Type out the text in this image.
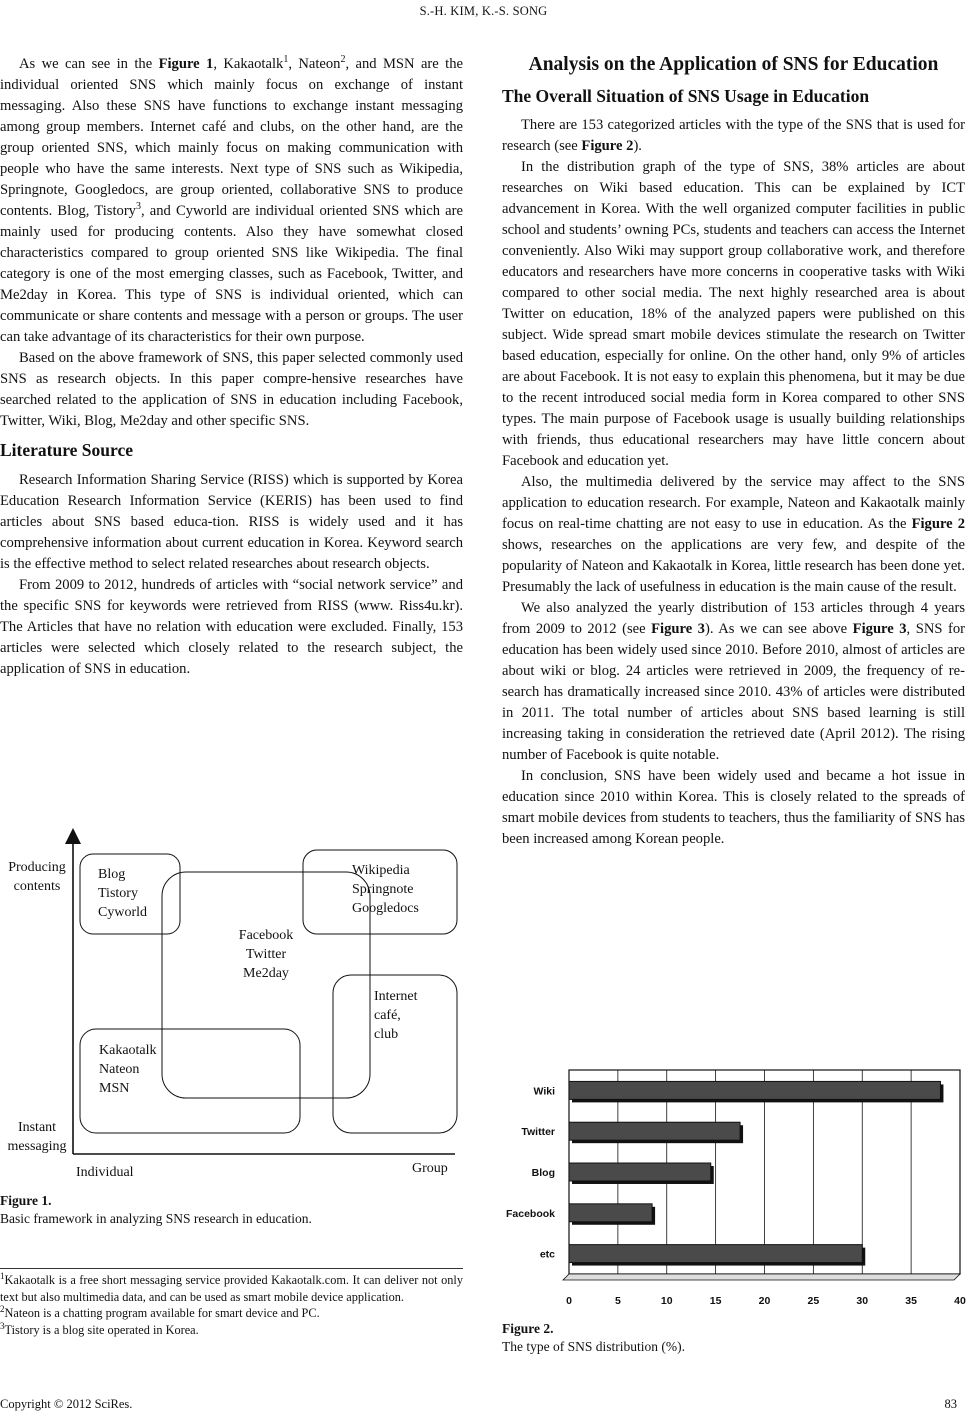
S.-H. KIM, K.-S. SONG

As we can see in the Figure 1, Kakaotalk$^1$, Nateon$^2$, and MSN are the individual oriented SNS which mainly focus on exchange of instant messaging. Also these SNS have functions to exchange instant messaging among group members. Internet café and clubs, on the other hand, are the group oriented SNS, which mainly focus on making communication with people who have the same interests. Next type of SNS such as Wikipedia, Springnote, Googledocs, are group oriented, collaborative SNS to produce contents. Blog, Tistory$^3$, and Cyworld are individual oriented SNS which are mainly used for producing contents. Also they have somewhat closed characteristics compared to group oriented SNS like Wikipedia. The final category is one of the most emerging classes, such as Facebook, Twitter, and Me2day in Korea. This type of SNS is individual oriented, which can communicate or share contents and message with a person or groups. The user can take advantage of its characteristics for their own purpose.

Based on the above framework of SNS, this paper selected commonly used SNS as research objects. In this paper compre-hensive researches have searched related to the application of SNS in education including Facebook, Twitter, Wiki, Blog, Me2day and other specific SNS.

Literature Source

Research Information Sharing Service (RISS) which is supported by Korea Education Research Information Service (KERIS) has been used to find articles about SNS based educa-tion. RISS is widely used and it has comprehensive information about current education in Korea. Keyword search is the effective method to select related researches about research objects.

From 2009 to 2012, hundreds of articles with “social network service” and the specific SNS for keywords were retrieved from RISS (www. Riss4u.kr). The Articles that have no relation with education were excluded. Finally, 153 articles were selected which closely related to the research subject, the application of SNS in education.

Producing contents
Instant messaging
Individual	Group
Blog
Tistory
Cyworld
Wikipedia
Springnote
Googledocs
Facebook
Twitter
Me2day
Internet
café,
club
Kakaotalk
Nateon
MSN
Figure 1.
Basic framework in analyzing SNS research in education.

$^1$Kakaotalk is a free short messaging service provided Kakaotalk.com. It can deliver not only text but also multimedia data, and can be used as smart mobile device application.

$^2$Nateon is a chatting program available for smart device and PC.

$^3$Tistory is a blog site operated in Korea.

Analysis on the Application of SNS for Education
The Overall Situation of SNS Usage in Education

There are 153 categorized articles with the type of the SNS that is used for research (see Figure 2).

In the distribution graph of the type of SNS, 38% articles are about researches on Wiki based education. This can be explained by ICT advancement in Korea. With the well organized computer facilities in public school and students’ owning PCs, students and teachers can access the Internet conveniently. Also Wiki may support group collaborative work, and therefore educators and researchers have more concerns in cooperative tasks with Wiki compared to other social media. The next highly researched area is about Twitter on education, 18% of the analyzed papers were published on this subject. Wide spread smart mobile devices stimulate the research on Twitter based education, especially for online. On the other hand, only 9% of articles are about Facebook. It is not easy to explain this phenomena, but it may be due to the recent introduced social media form in Korea compared to other SNS types. The main purpose of Facebook usage is usually building relationships with friends, thus educational researchers may have little concern about Facebook and education yet.

Also, the multimedia delivered by the service may affect to the SNS application to education research. For example, Nateon and Kakaotalk mainly focus on real-time chatting are not easy to use in education. As the Figure 2 shows, researches on the applications are very few, and despite of the popularity of Nateon and Kakaotalk in Korea, little research has been done yet. Presumably the lack of usefulness in education is the main cause of the result.

We also analyzed the yearly distribution of 153 articles through 4 years from 2009 to 2012 (see Figure 3). As we can see above Figure 3, SNS for education has been widely used since 2010. Before 2010, almost of articles are about wiki or blog. 24 articles were retrieved in 2009, the frequency of re-search has dramatically increased since 2010. 43% of articles were distributed in 2011. The total number of articles about SNS based learning is still increasing taking in consideration the retrieved date (April 2012). The rising number of Facebook is quite notable.

In conclusion, SNS have been widely used and became a hot issue in education since 2010 within Korea. This is closely related to the spreads of smart mobile devices from students to teachers, thus the familiarity of SNS has been increased among Korean people.

0	5	10	15	20	25	30	35	40
Wiki
Twitter
Blog
Facebook
etc
Figure 2.
The type of SNS distribution (%).
Copyright © 2012 SciRes.	83
